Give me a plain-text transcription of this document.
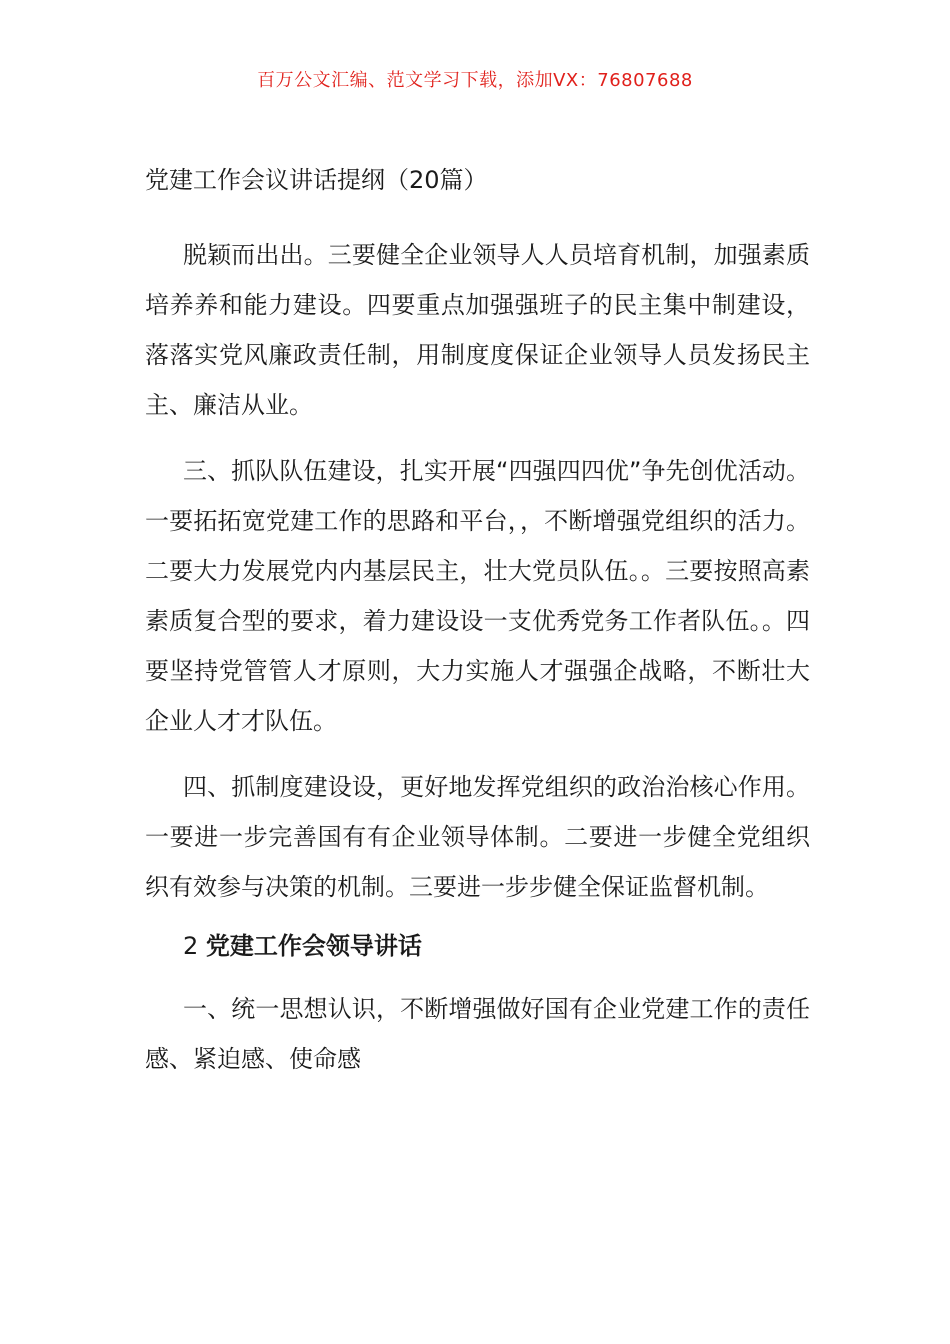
百万公文汇编、范文学习下载，添加VX：76807688
党建工作会议讲话提纲（20篇）

脱颖而出出。三要健全企业领导人人员培育机制，加强素质培养养和能力建设。四要重点加强强班子的民主集中制建设，落落实党风廉政责任制，用制度度保证企业领导人员发扬民主主、廉洁从业。

三、抓队队伍建设，扎实开展“四强四四优”争先创优活动。一要拓拓宽党建工作的思路和平台，，不断增强党组织的活力。二要大力发展党内内基层民主，壮大党员队伍。。三要按照高素素质复合型的要求，着力建设设一支优秀党务工作者队伍。。四要坚持党管管人才原则，大力实施人才强强企战略，不断壮大企业人才才队伍。

四、抓制度建设设，更好地发挥党组织的政治治核心作用。一要进一步完善国有有企业领导体制。二要进一步健全党组织织有效参与决策的机制。三要进一步步健全保证监督机制。

2 党建工作会领导讲话

一、统一思想认识，不断增强做好国有企业党建工作的责任感、紧迫感、使命感
